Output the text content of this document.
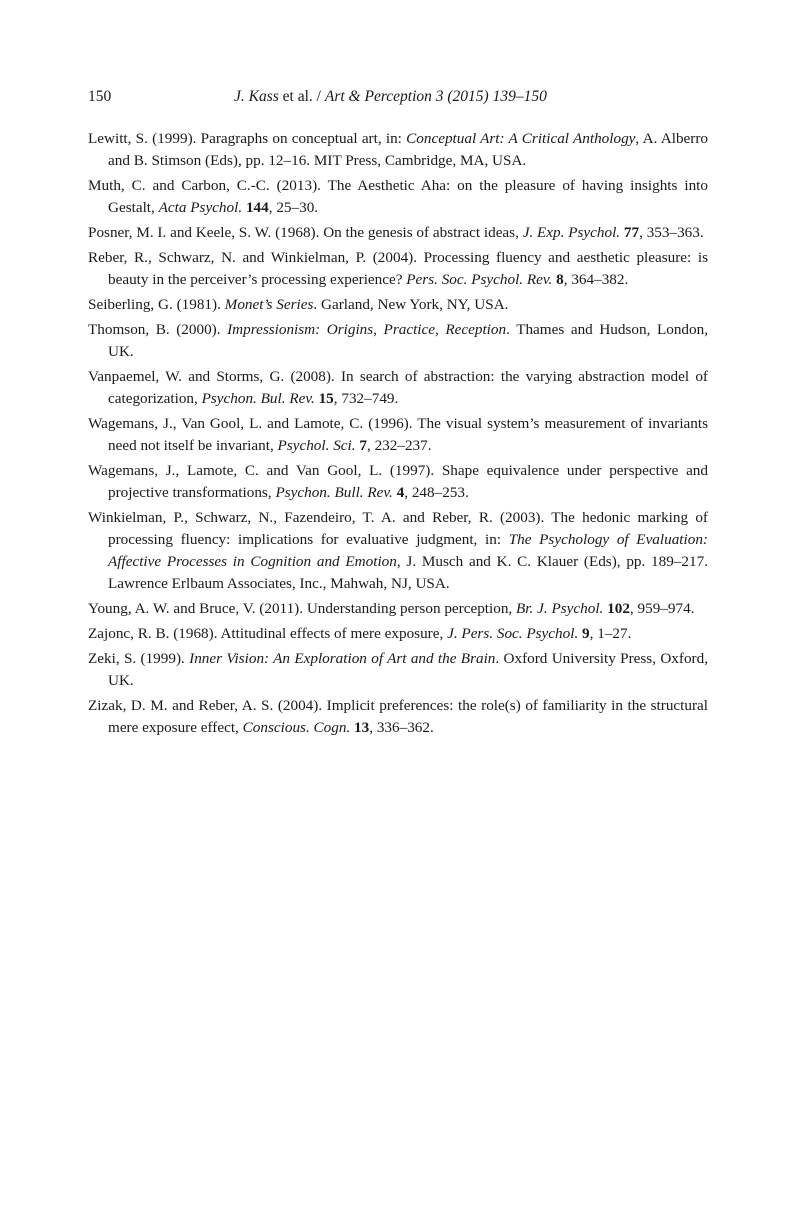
150	J. Kass et al. / Art & Perception 3 (2015) 139–150
Lewitt, S. (1999). Paragraphs on conceptual art, in: Conceptual Art: A Critical Anthology, A. Alberro and B. Stimson (Eds), pp. 12–16. MIT Press, Cambridge, MA, USA.
Muth, C. and Carbon, C.-C. (2013). The Aesthetic Aha: on the pleasure of having insights into Gestalt, Acta Psychol. 144, 25–30.
Posner, M. I. and Keele, S. W. (1968). On the genesis of abstract ideas, J. Exp. Psychol. 77, 353–363.
Reber, R., Schwarz, N. and Winkielman, P. (2004). Processing fluency and aesthetic pleasure: is beauty in the perceiver’s processing experience? Pers. Soc. Psychol. Rev. 8, 364–382.
Seiberling, G. (1981). Monet’s Series. Garland, New York, NY, USA.
Thomson, B. (2000). Impressionism: Origins, Practice, Reception. Thames and Hudson, London, UK.
Vanpaemel, W. and Storms, G. (2008). In search of abstraction: the varying abstraction model of categorization, Psychon. Bul. Rev. 15, 732–749.
Wagemans, J., Van Gool, L. and Lamote, C. (1996). The visual system’s measurement of invariants need not itself be invariant, Psychol. Sci. 7, 232–237.
Wagemans, J., Lamote, C. and Van Gool, L. (1997). Shape equivalence under perspective and projective transformations, Psychon. Bull. Rev. 4, 248–253.
Winkielman, P., Schwarz, N., Fazendeiro, T. A. and Reber, R. (2003). The hedonic marking of processing fluency: implications for evaluative judgment, in: The Psychology of Evaluation: Affective Processes in Cognition and Emotion, J. Musch and K. C. Klauer (Eds), pp. 189–217. Lawrence Erlbaum Associates, Inc., Mahwah, NJ, USA.
Young, A. W. and Bruce, V. (2011). Understanding person perception, Br. J. Psychol. 102, 959–974.
Zajonc, R. B. (1968). Attitudinal effects of mere exposure, J. Pers. Soc. Psychol. 9, 1–27.
Zeki, S. (1999). Inner Vision: An Exploration of Art and the Brain. Oxford University Press, Oxford, UK.
Zizak, D. M. and Reber, A. S. (2004). Implicit preferences: the role(s) of familiarity in the structural mere exposure effect, Conscious. Cogn. 13, 336–362.
